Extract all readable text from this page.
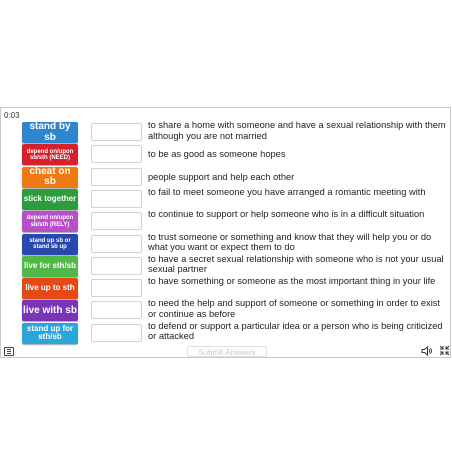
0:03
stand by sb
to share a home with someone and have a sexual relationship with them although you are not married
depend on/upon sb/sth (NEED)	to be as good as someone hopes
cheat on sb	people support and help each other
stick together
to fail to meet someone you have arranged a romantic meeting with
depend on/upon sb/sth (RELY)
to continue to support or help someone who is in a difficult situation
stand up sb or stand sb up
to trust someone or something and know that they will help you or do what you want or expect them to do
live for sth/sb
to have a secret sexual relationship with someone who is not your usual sexual partner
live up to sth
to have something or someone as the most important thing in your life
live with sb
to need the help and support of someone or something in order to exist or continue as before
stand up for sth/sb
to defend or support a particular idea or a person who is being criticized or attacked
Submit Answers
